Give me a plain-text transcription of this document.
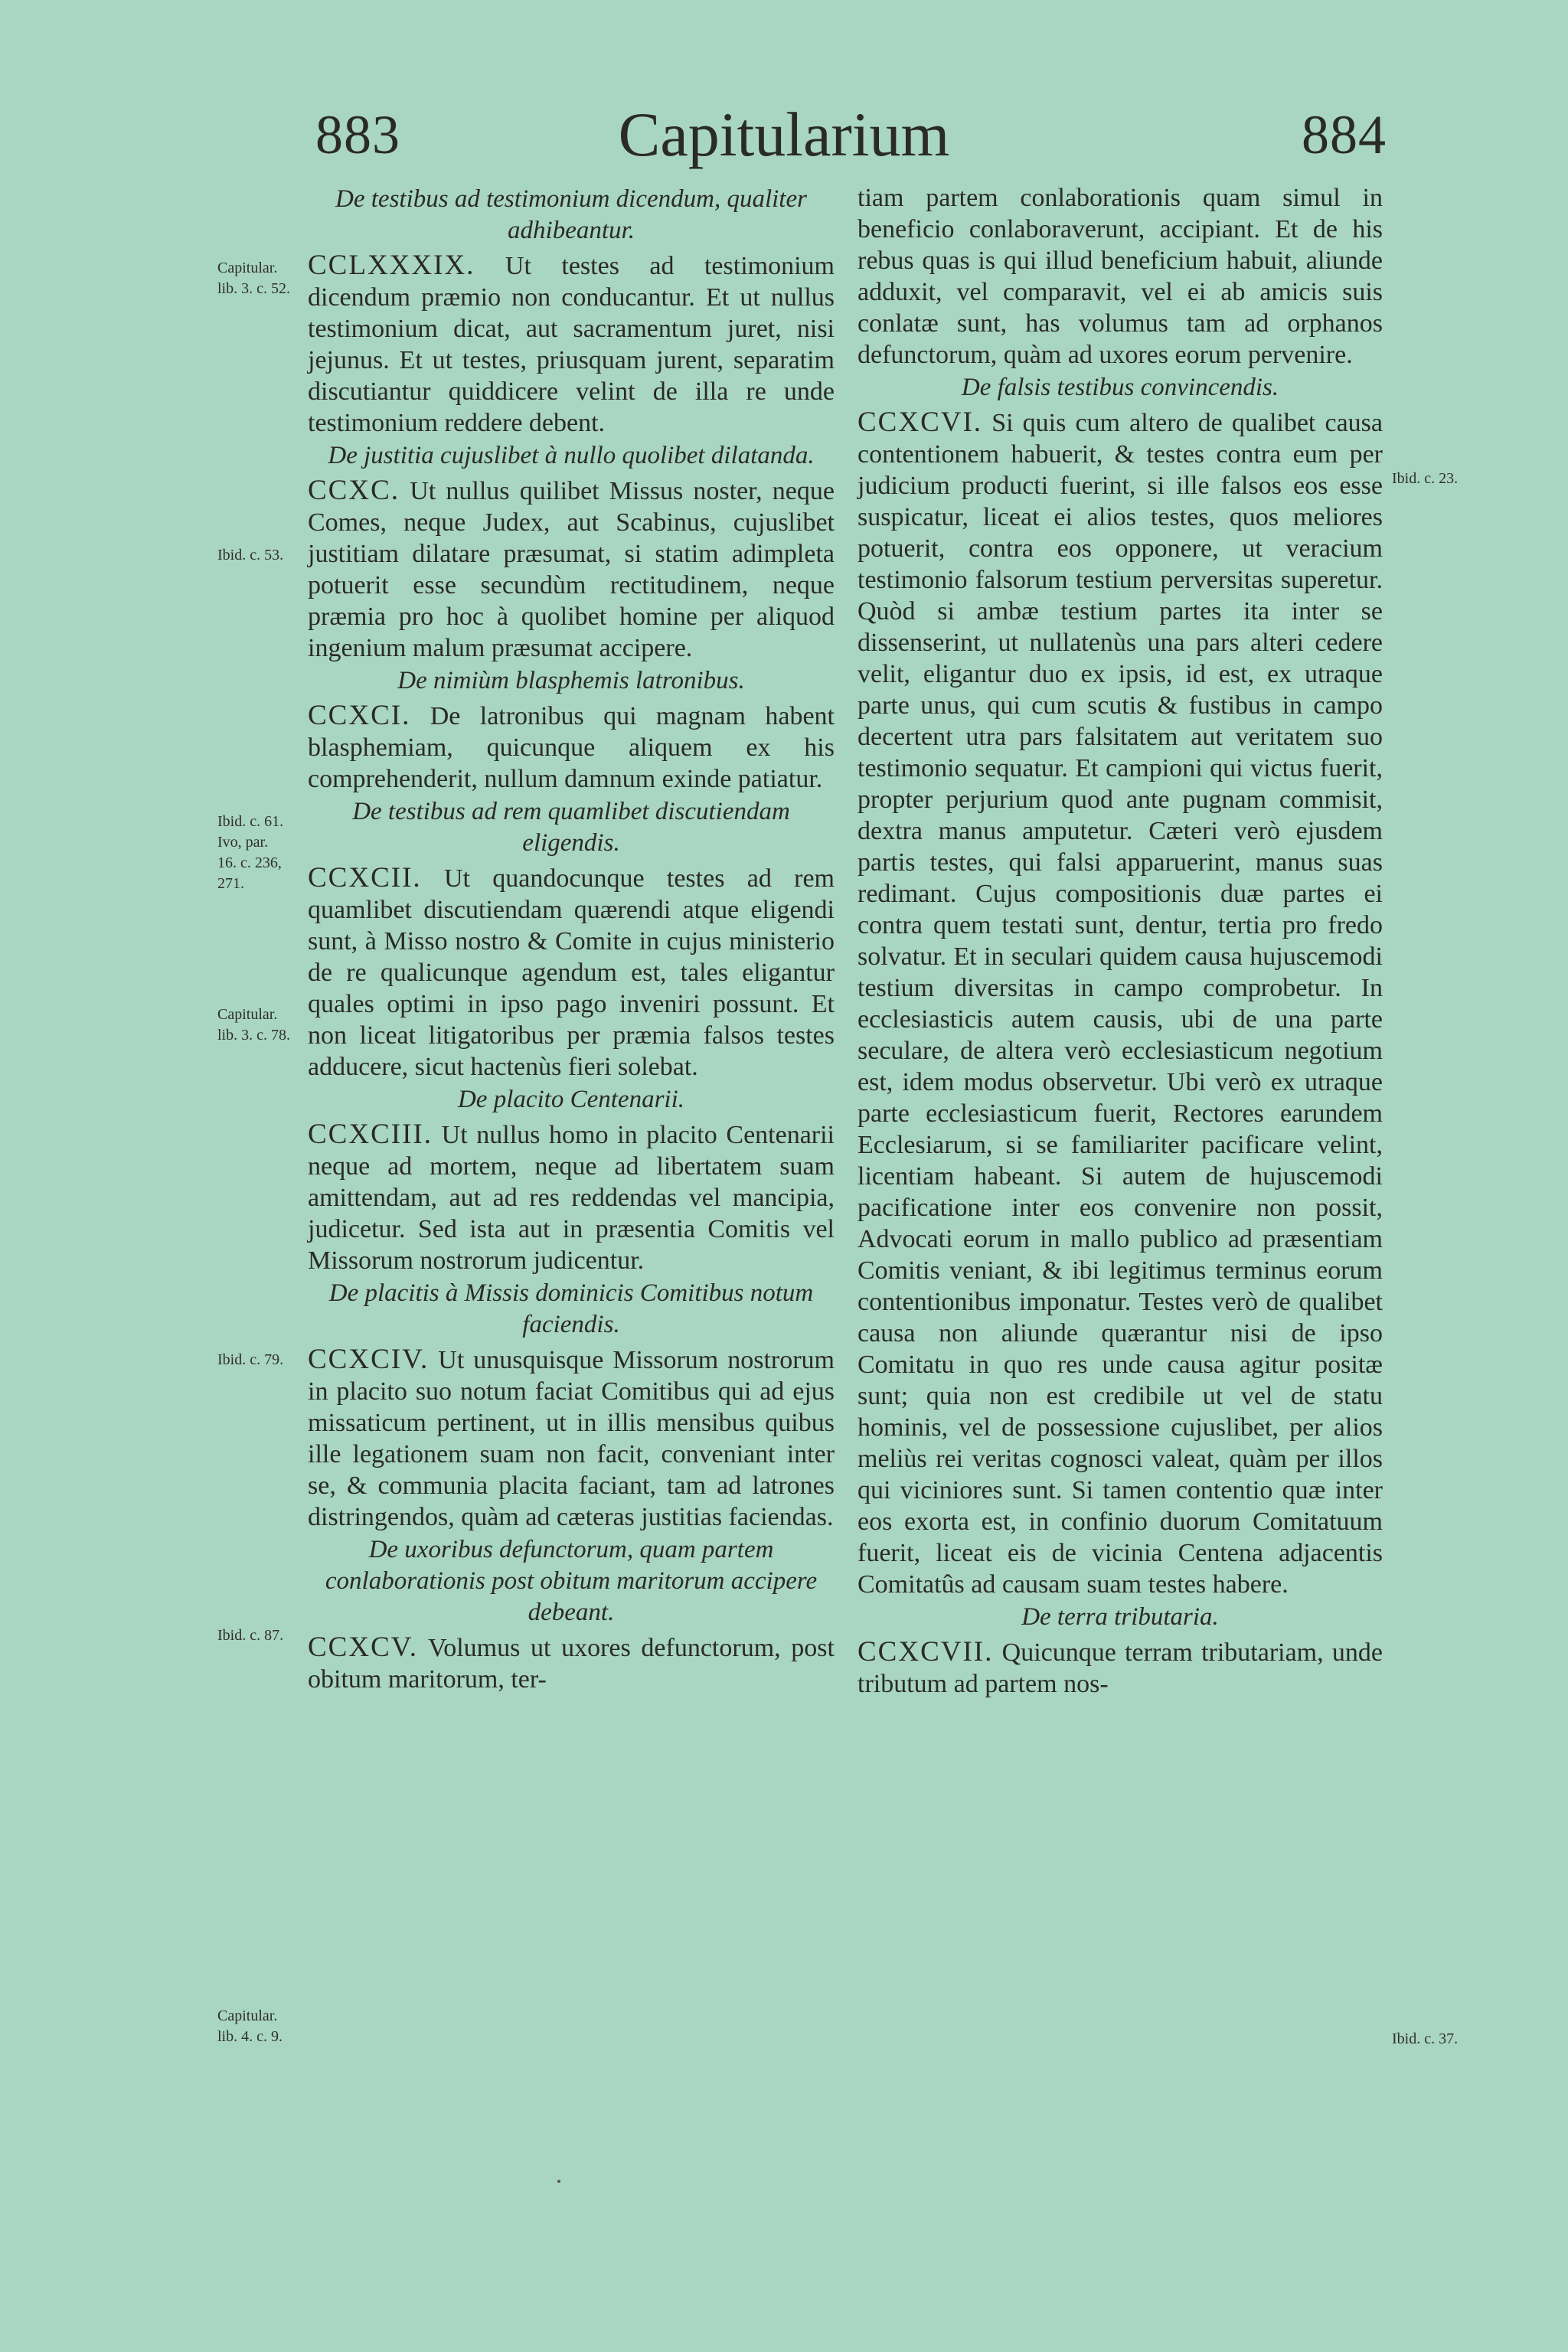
883	Capitularium	884
De testibus ad testimonium dicendum, qualiter adhibeantur.

CCLXXXIX. Ut testes ad testimonium dicendum præmio non conducantur. Et ut nullus testimonium dicat, aut sacramentum juret, nisi jejunus. Et ut testes, priusquam jurent, separatim discutiantur quiddicere velint de illa re unde testimonium reddere debent.

De justitia cujuslibet à nullo quolibet dilatanda.

CCXC. Ut nullus quilibet Missus noster, neque Comes, neque Judex, aut Scabinus, cujuslibet justitiam dilatare præsumat, si statim adimpleta potuerit esse secundùm rectitudinem, neque præmia pro hoc à quolibet homine per aliquod ingenium malum præsumat accipere.

De nimiùm blasphemis latronibus.

CCXCI. De latronibus qui magnam habent blasphemiam, quicunque aliquem ex his comprehenderit, nullum damnum exinde patiatur.

De testibus ad rem quamlibet discutiendam eligendis.

CCXCII. Ut quandocunque testes ad rem quamlibet discutiendam quærendi atque eligendi sunt, à Misso nostro & Comite in cujus ministerio de re qualicunque agendum est, tales eligantur quales optimi in ipso pago inveniri possunt. Et non liceat litigatoribus per præmia falsos testes adducere, sicut hactenùs fieri solebat.

De placito Centenarii.

CCXCIII. Ut nullus homo in placito Centenarii neque ad mortem, neque ad libertatem suam amittendam, aut ad res reddendas vel mancipia, judicetur. Sed ista aut in præsentia Comitis vel Missorum nostrorum judicentur.

De placitis à Missis dominicis Comitibus notum faciendis.

CCXCIV. Ut unusquisque Missorum nostrorum in placito suo notum faciat Comitibus qui ad ejus missaticum pertinent, ut in illis mensibus quibus ille legationem suam non facit, conveniant inter se, & communia placita faciant, tam ad latrones distringendos, quàm ad cæteras justitias faciendas.

De uxoribus defunctorum, quam partem conlaborationis post obitum maritorum accipere debeant.

CCXCV. Volumus ut uxores defunctorum, post obitum maritorum, ter-

tiam partem conlaborationis quam simul in beneficio conlaboraverunt, accipiant. Et de his rebus quas is qui illud beneficium habuit, aliunde adduxit, vel comparavit, vel ei ab amicis suis conlatæ sunt, has volumus tam ad orphanos defunctorum, quàm ad uxores eorum pervenire.

De falsis testibus convincendis.

CCXCVI. Si quis cum altero de qualibet causa contentionem habuerit, & testes contra eum per judicium producti fuerint, si ille falsos eos esse suspicatur, liceat ei alios testes, quos meliores potuerit, contra eos opponere, ut veracium testimonio falsorum testium perversitas superetur. Quòd si ambæ testium partes ita inter se dissenserint, ut nullatenùs una pars alteri cedere velit, eligantur duo ex ipsis, id est, ex utraque parte unus, qui cum scutis & fustibus in campo decertent utra pars falsitatem aut veritatem suo testimonio sequatur. Et campioni qui victus fuerit, propter perjurium quod ante pugnam commisit, dextra manus amputetur. Cæteri verò ejusdem partis testes, qui falsi apparuerint, manus suas redimant. Cujus compositionis duæ partes ei contra quem testati sunt, dentur, tertia pro fredo solvatur. Et in seculari quidem causa hujuscemodi testium diversitas in campo comprobetur. In ecclesiasticis autem causis, ubi de una parte seculare, de altera verò ecclesiasticum negotium est, idem modus observetur. Ubi verò ex utraque parte ecclesiasticum fuerit, Rectores earundem Ecclesiarum, si se familiariter pacificare velint, licentiam habeant. Si autem de hujuscemodi pacificatione inter eos convenire non possit, Advocati eorum in mallo publico ad præsentiam Comitis veniant, & ibi legitimus terminus eorum contentionibus imponatur. Testes verò de qualibet causa non aliunde quærantur nisi de ipso Comitatu in quo res unde causa agitur positæ sunt; quia non est credibile ut vel de statu hominis, vel de possessione cujuslibet, per alios meliùs rei veritas cognosci valeat, quàm per illos qui viciniores sunt. Si tamen contentio quæ inter eos exorta est, in confinio duorum Comitatuum fuerit, liceat eis de vicinia Centena adjacentis Comitatûs ad causam suam testes habere.

De terra tributaria.

CCXCVII. Quicunque terram tributariam, unde tributum ad partem nos-

Capitular.
lib. 3. c. 52.
Ibid. c. 53.
Ibid. c. 61.
Ivo, par.
16. c. 236,
271.
Capitular.
lib. 3. c. 78.
Ibid. c. 79.
Ibid. c. 87.
Capitular.
lib. 4. c. 9.
Ibid. c. 23.
Ibid. c. 37.
